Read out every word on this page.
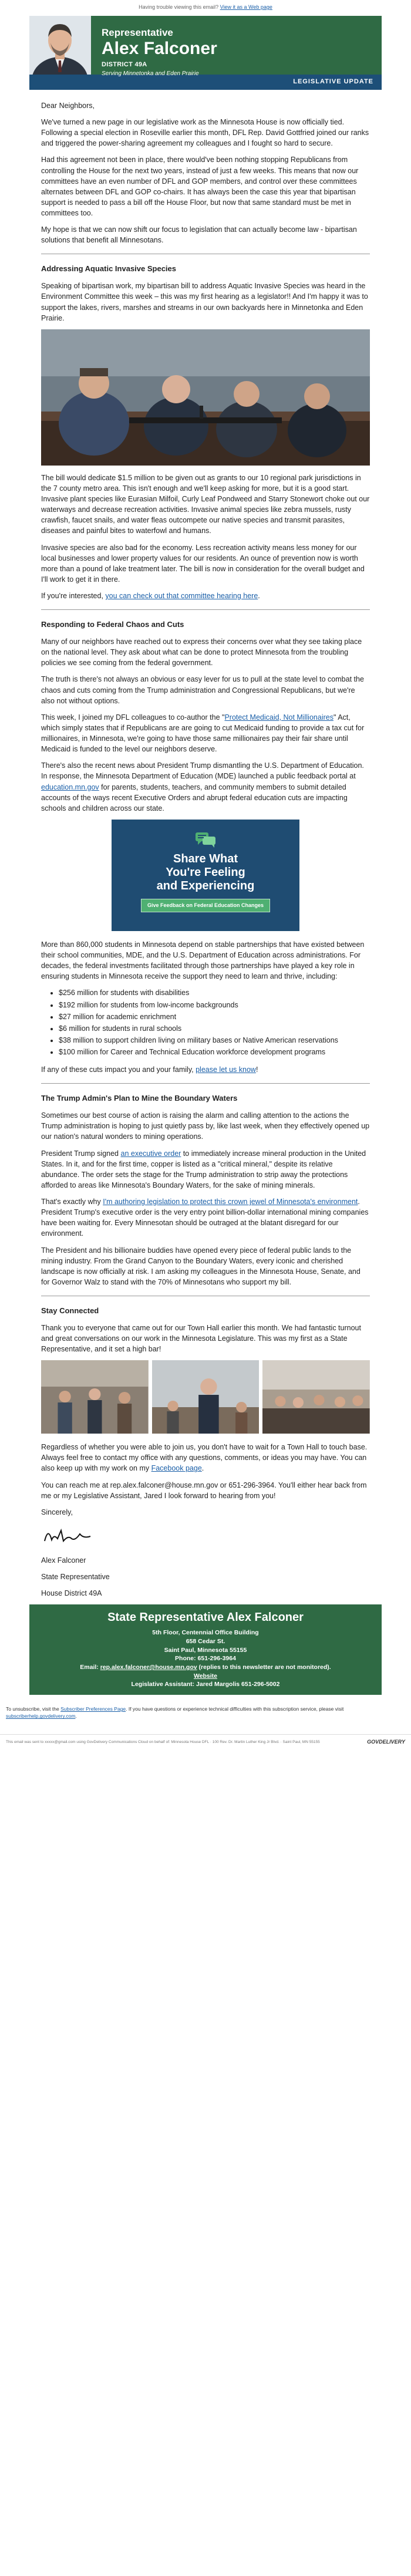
Having trouble viewing this email? View it as a Web page
Representative
Alex Falconer
DISTRICT 49A
Serving Minnetonka and Eden Prairie
LEGISLATIVE UPDATE

Dear Neighbors,

We've turned a new page in our legislative work as the Minnesota House is now officially tied. Following a special election in Roseville earlier this month, DFL Rep. David Gottfried joined our ranks and triggered the power-sharing agreement my colleagues and I fought so hard to secure.

Had this agreement not been in place, there would've been nothing stopping Republicans from controlling the House for the next two years, instead of just a few weeks. This means that now our committees have an even number of DFL and GOP members, and control over these committees alternates between DFL and GOP co-chairs. It has always been the case this year that bipartisan support is needed to pass a bill off the House Floor, but now that same standard must be met in committees too.

My hope is that we can now shift our focus to legislation that can actually become law - bipartisan solutions that benefit all Minnesotans.

Addressing Aquatic Invasive Species

Speaking of bipartisan work, my bipartisan bill to address Aquatic Invasive Species was heard in the Environment Committee this week – this was my first hearing as a legislator!! And I'm happy it was to support the lakes, rivers, marshes and streams in our own backyards here in Minnetonka and Eden Prairie.

The bill would dedicate $1.5 million to be given out as grants to our 10 regional park jurisdictions in the 7 county metro area. This isn't enough and we'll keep asking for more, but it is a good start. Invasive plant species like Eurasian Milfoil, Curly Leaf Pondweed and Starry Stonewort choke out our waterways and decrease recreation activities. Invasive animal species like zebra mussels, rusty crawfish, faucet snails, and water fleas outcompete our native species and transmit parasites, diseases and painful bites to waterfowl and humans.

Invasive species are also bad for the economy. Less recreation activity means less money for our local businesses and lower property values for our residents. An ounce of prevention now is worth more than a pound of lake treatment later. The bill is now in consideration for the overall budget and I'll work to get it in there.

If you're interested, you can check out that committee hearing here.

Responding to Federal Chaos and Cuts

Many of our neighbors have reached out to express their concerns over what they see taking place on the national level. They ask about what can be done to protect Minnesota from the troubling policies we see coming from the federal government.

The truth is there's not always an obvious or easy lever for us to pull at the state level to combat the chaos and cuts coming from the Trump administration and Congressional Republicans, but we're also not without options.

This week, I joined my DFL colleagues to co-author the "Protect Medicaid, Not Millionaires" Act, which simply states that if Republicans are are going to cut Medicaid funding to provide a tax cut for millionaires, in Minnesota, we're going to have those same millionaires pay their fair share until Medicaid is funded to the level our neighbors deserve.

There's also the recent news about President Trump dismantling the U.S. Department of Education. In response, the Minnesota Department of Education (MDE) launched a public feedback portal at education.mn.gov for parents, students, teachers, and community members to submit detailed accounts of the ways recent Executive Orders and abrupt federal education cuts are impacting schools and children across our state.

Share What
You're Feeling
and Experiencing
Give Feedback on Federal Education Changes

More than 860,000 students in Minnesota depend on stable partnerships that have existed between their school communities, MDE, and the U.S. Department of Education across administrations. For decades, the federal investments facilitated through those partnerships have played a key role in ensuring students in Minnesota receive the support they need to learn and thrive, including:

• $256 million for students with disabilities
• $192 million for students from low-income backgrounds
• $27 million for academic enrichment
• $6 million for students in rural schools
• $38 million to support children living on military bases or Native American reservations
• $100 million for Career and Technical Education workforce development programs

If any of these cuts impact you and your family, please let us know!

The Trump Admin's Plan to Mine the Boundary Waters

Sometimes our best course of action is raising the alarm and calling attention to the actions the Trump administration is hoping to just quietly pass by, like last week, when they effectively opened up our nation's natural wonders to mining operations.

President Trump signed an executive order to immediately increase mineral production in the United States. In it, and for the first time, copper is listed as a "critical mineral," despite its relative abundance. The order sets the stage for the Trump administration to strip away the protections afforded to areas like Minnesota's Boundary Waters, for the sake of mining minerals.

That's exactly why I'm authoring legislation to protect this crown jewel of Minnesota's environment. President Trump's executive order is the very entry point billion-dollar international mining companies have been waiting for. Every Minnesotan should be outraged at the blatant disregard for our environment.

The President and his billionaire buddies have opened every piece of federal public lands to the mining industry. From the Grand Canyon to the Boundary Waters, every iconic and cherished landscape is now officially at risk. I am asking my colleagues in the Minnesota House, Senate, and for Governor Walz to stand with the 70% of Minnesotans who support my bill.

Stay Connected

Thank you to everyone that came out for our Town Hall earlier this month. We had fantastic turnout and great conversations on our work in the Minnesota Legislature. This was my first as a State Representative, and it set a high bar!

Regardless of whether you were able to join us, you don't have to wait for a Town Hall to touch base. Always feel free to contact my office with any questions, comments, or ideas you may have. You can also keep up with my work on my Facebook page.

You can reach me at rep.alex.falconer@house.mn.gov or 651-296-3964. You'll either hear back from me or my Legislative Assistant, Jared I look forward to hearing from you!

Sincerely,

Alex Falconer

State Representative

House District 49A

State Representative Alex Falconer
5th Floor, Centennial Office Building
658 Cedar St.
Saint Paul, Minnesota 55155
Phone: 651-296-3964
Email: rep.alex.falconer@house.mn.gov (replies to this newsletter are not monitored).
Website
Legislative Assistant: Jared Margolis 651-296-5002
To unsubscribe, visit the Subscriber Preferences Page. If you have questions or experience technical difficulties with this subscription service, please visit subscriberhelp.govdelivery.com.
This email was sent to xxxxx@gmail.com using GovDelivery Communications Cloud on behalf of: Minnesota House DFL · 100 Rev. Dr. Martin Luther King Jr Blvd. · Saint Paul, MN 55155	GOVDELIVERY
